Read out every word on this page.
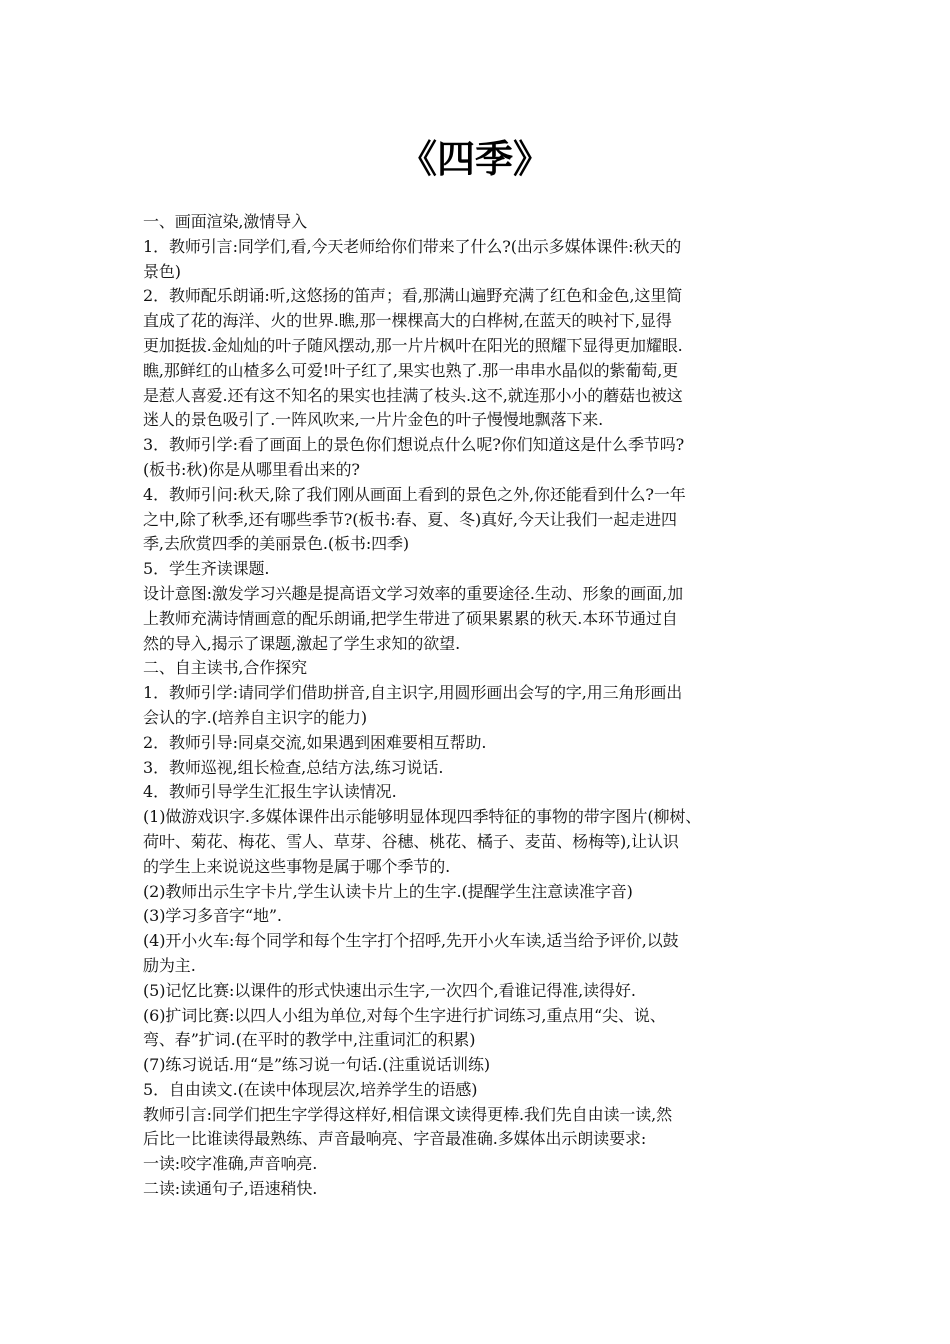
《四季》
一、画面渲染,激情导入
1．教师引言:同学们,看,今天老师给你们带来了什么?(出示多媒体课件:秋天的
景色)
2．教师配乐朗诵:听,这悠扬的笛声；看,那满山遍野充满了红色和金色,这里简
直成了花的海洋、火的世界.瞧,那一棵棵高大的白桦树,在蓝天的映衬下,显得
更加挺拔.金灿灿的叶子随风摆动,那一片片枫叶在阳光的照耀下显得更加耀眼.
瞧,那鲜红的山楂多么可爱!叶子红了,果实也熟了.那一串串水晶似的紫葡萄,更
是惹人喜爱.还有这不知名的果实也挂满了枝头.这不,就连那小小的蘑菇也被这
迷人的景色吸引了.一阵风吹来,一片片金色的叶子慢慢地飘落下来.
3．教师引学:看了画面上的景色你们想说点什么呢?你们知道这是什么季节吗?
(板书:秋)你是从哪里看出来的?
4．教师引问:秋天,除了我们刚从画面上看到的景色之外,你还能看到什么?一年
之中,除了秋季,还有哪些季节?(板书:春、夏、冬)真好,今天让我们一起走进四
季,去欣赏四季的美丽景色.(板书:四季)
5．学生齐读课题.
设计意图:激发学习兴趣是提高语文学习效率的重要途径.生动、形象的画面,加
上教师充满诗情画意的配乐朗诵,把学生带进了硕果累累的秋天.本环节通过自
然的导入,揭示了课题,激起了学生求知的欲望.
二、自主读书,合作探究
1．教师引学:请同学们借助拼音,自主识字,用圆形画出会写的字,用三角形画出
会认的字.(培养自主识字的能力)
2．教师引导:同桌交流,如果遇到困难要相互帮助.
3．教师巡视,组长检查,总结方法,练习说话.
4．教师引导学生汇报生字认读情况.
(1)做游戏识字.多媒体课件出示能够明显体现四季特征的事物的带字图片(柳树、
荷叶、菊花、梅花、雪人、草芽、谷穗、桃花、橘子、麦苗、杨梅等),让认识
的学生上来说说这些事物是属于哪个季节的.
(2)教师出示生字卡片,学生认读卡片上的生字.(提醒学生注意读准字音)
(3)学习多音字“地”.
(4)开小火车:每个同学和每个生字打个招呼,先开小火车读,适当给予评价,以鼓
励为主.
(5)记忆比赛:以课件的形式快速出示生字,一次四个,看谁记得准,读得好.
(6)扩词比赛:以四人小组为单位,对每个生字进行扩词练习,重点用“尖、说、
弯、春”扩词.(在平时的教学中,注重词汇的积累)
(7)练习说话.用“是”练习说一句话.(注重说话训练)
5．自由读文.(在读中体现层次,培养学生的语感)
教师引言:同学们把生字学得这样好,相信课文读得更棒.我们先自由读一读,然
后比一比谁读得最熟练、声音最响亮、字音最准确.多媒体出示朗读要求:
一读:咬字准确,声音响亮.
二读:读通句子,语速稍快.
